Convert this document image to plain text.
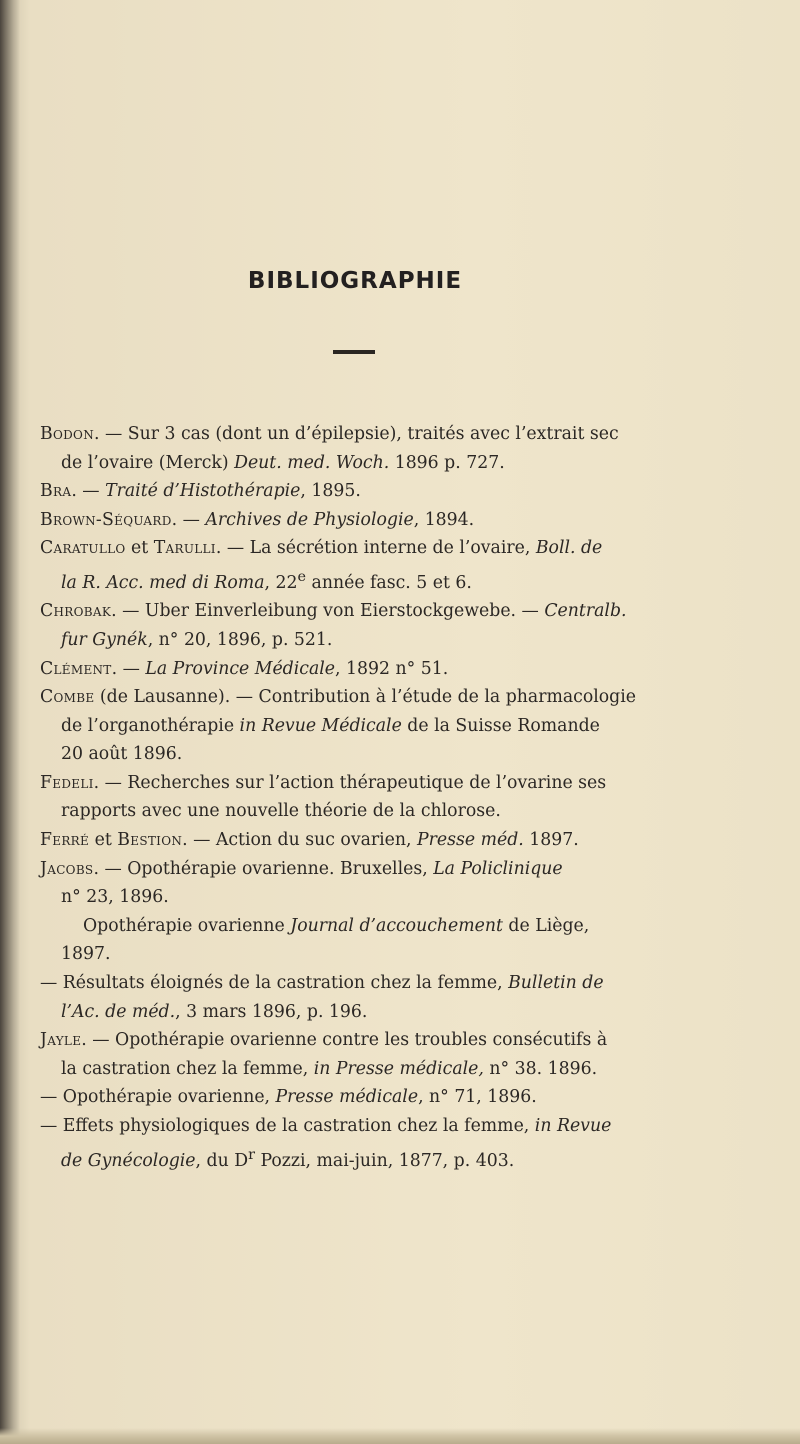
BIBLIOGRAPHIE
Bodon. — Sur 3 cas (dont un d’épilepsie), traités avec l’extrait sec
de l’ovaire (Merck) Deut. med. Woch. 1896 p. 727.
Bra. — Traité d’Histothérapie, 1895.
Brown-Séquard. — Archives de Physiologie, 1894.
Caratullo et Tarulli. — La sécrétion interne de l’ovaire, Boll. de
la R. Acc. med di Roma, 22e année fasc. 5 et 6.
Chrobak. — Uber Einverleibung von Eierstockgewebe. — Centralb.
fur Gynék, n° 20, 1896, p. 521.
Clément. — La Province Médicale, 1892 n° 51.
Combe (de Lausanne). — Contribution à l’étude de la pharmacologie
de l’organothérapie in Revue Médicale de la Suisse Romande
20 août 1896.
Fedeli. — Recherches sur l’action thérapeutique de l’ovarine ses
rapports avec une nouvelle théorie de la chlorose.
Ferré et Bestion. — Action du suc ovarien, Presse méd. 1897.
Jacobs. — Opothérapie ovarienne. Bruxelles, La Policlinique
n° 23, 1896.
Opothérapie ovarienne Journal d’accouchement de Liège,
1897.
— Résultats éloignés de la castration chez la femme, Bulletin de
l’Ac. de méd., 3 mars 1896, p. 196.
Jayle. — Opothérapie ovarienne contre les troubles consécutifs à
la castration chez la femme, in Presse médicale, n° 38. 1896.
— Opothérapie ovarienne, Presse médicale, n° 71, 1896.
— Effets physiologiques de la castration chez la femme, in Revue
de Gynécologie, du $D^r$ Pozzi, mai-juin, 1877, p. 403.
